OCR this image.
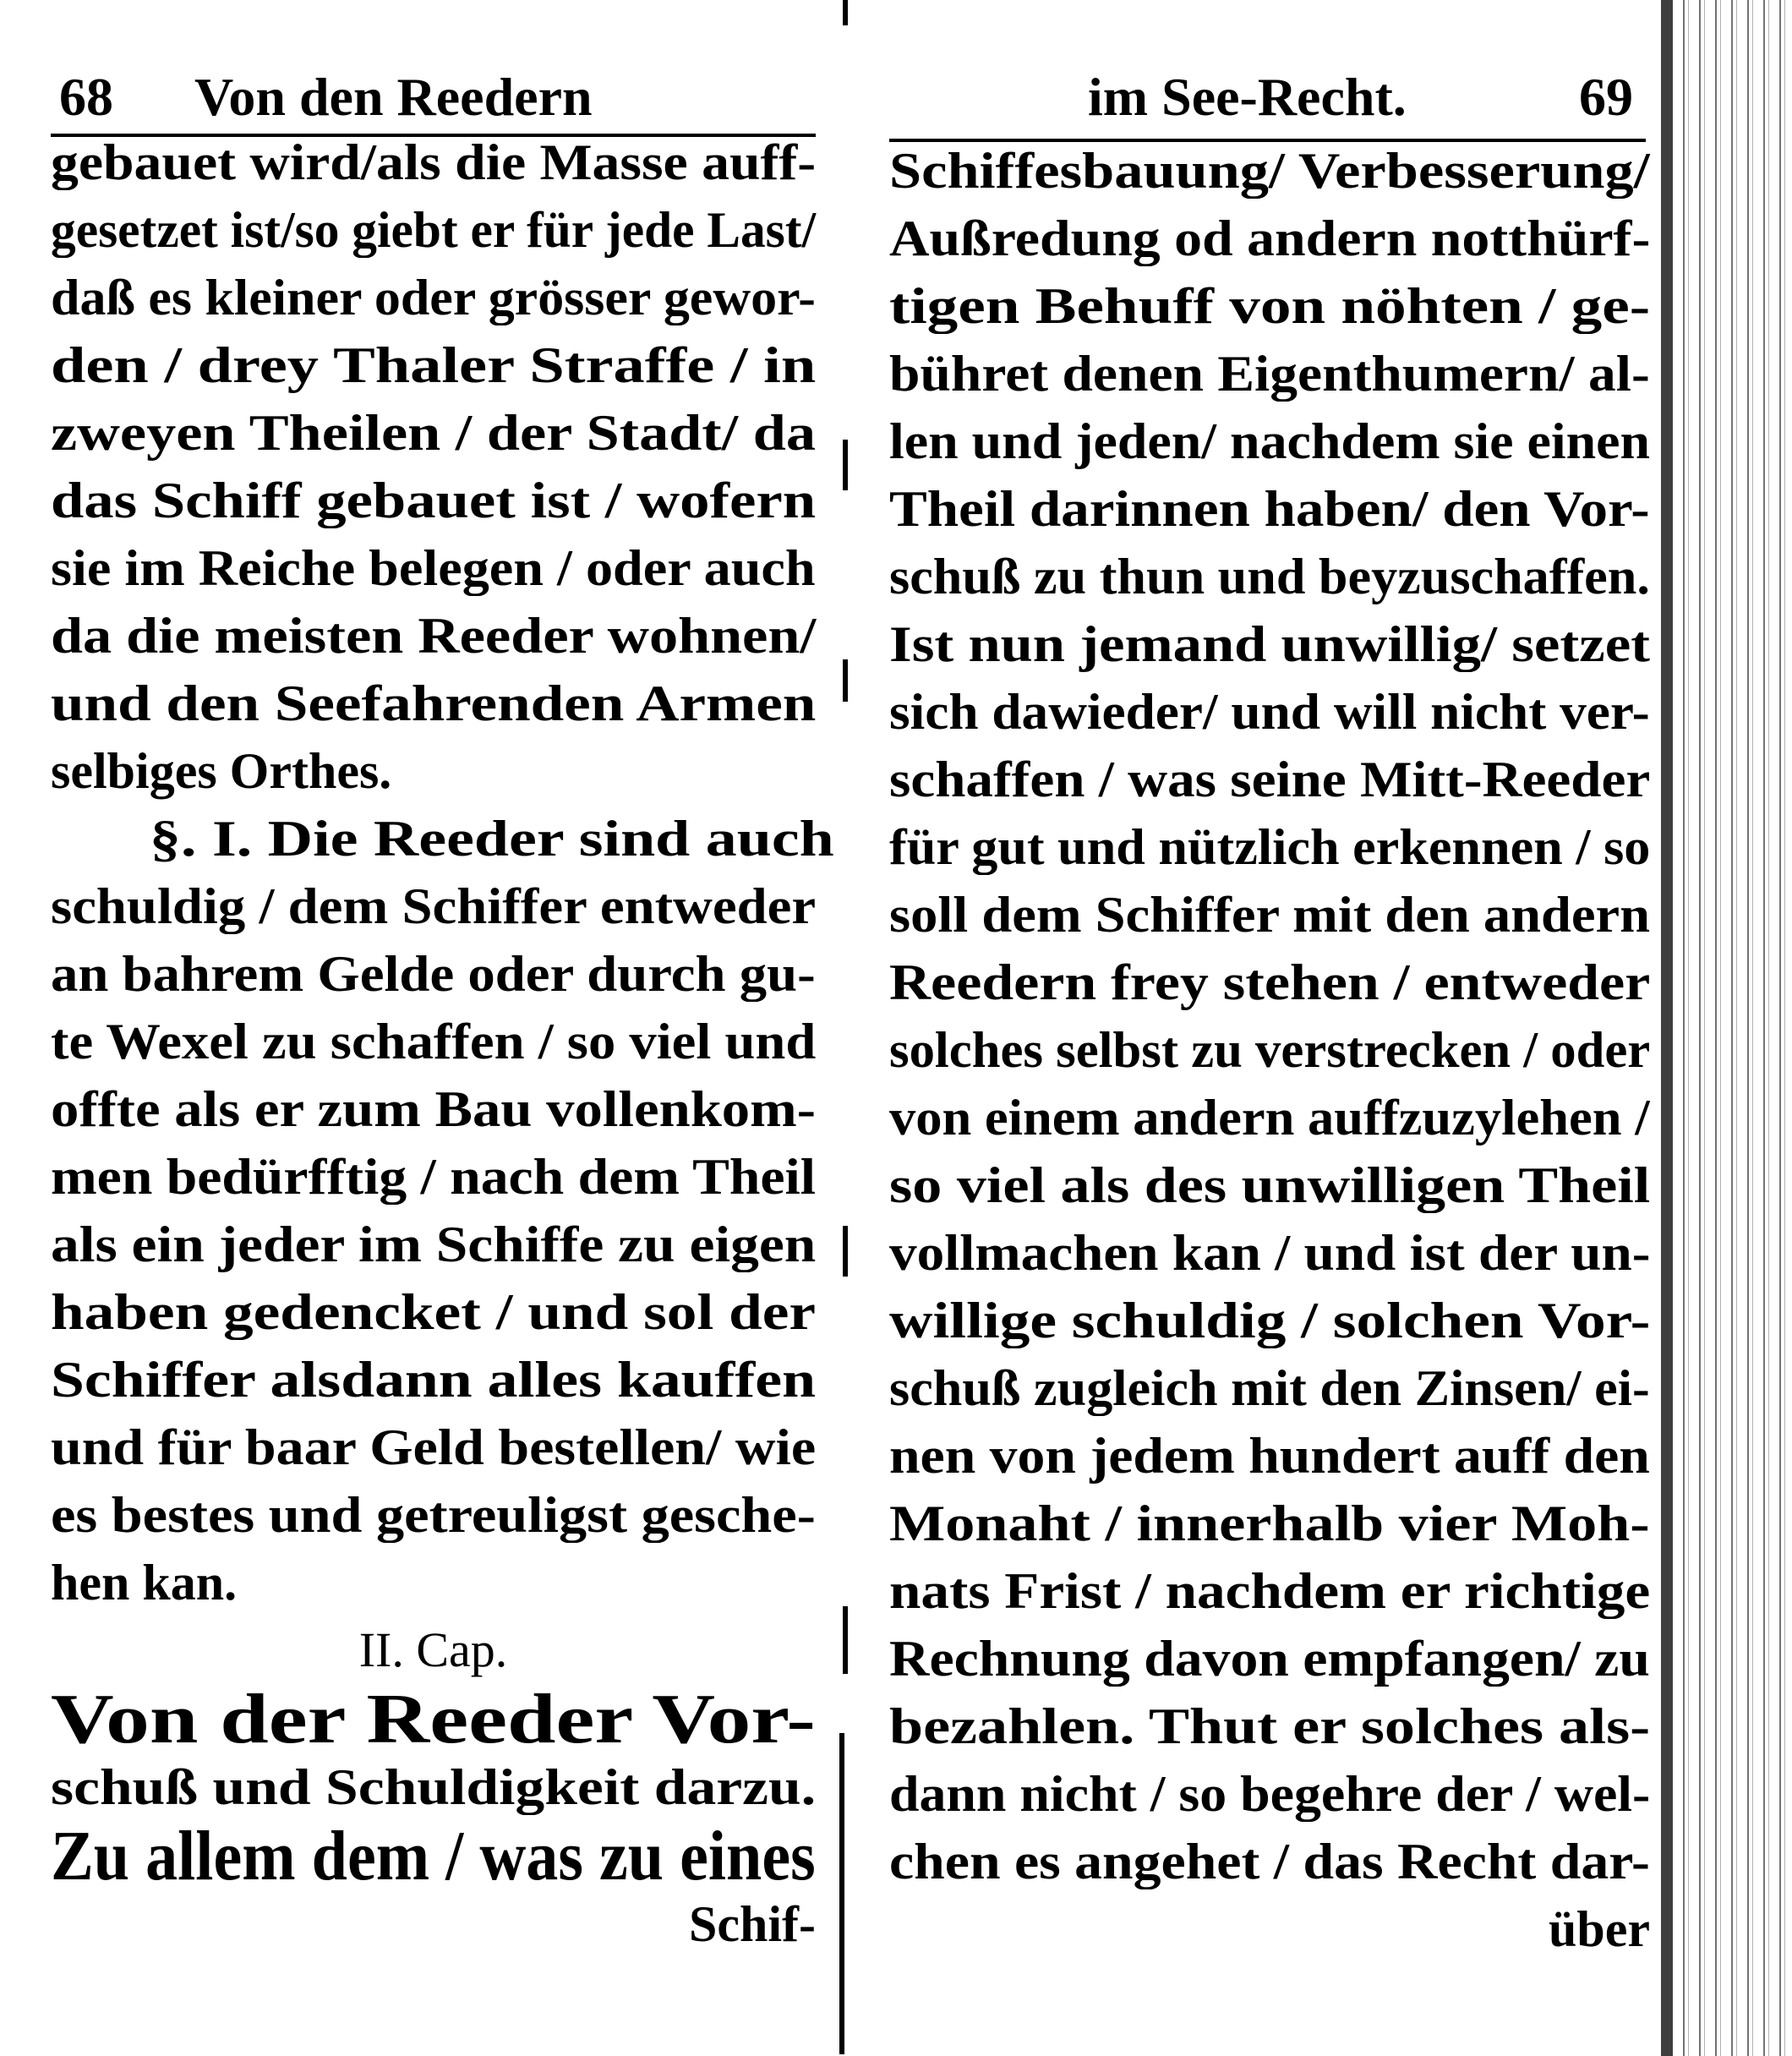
68 Von den Reedern
gebauet wird/als die Masse auff-
gesetzet ist/so giebt er für jede Last/
daß es kleiner oder grösser gewor-
den / drey Thaler Straffe / in
zweyen Theilen / der Stadt/ da
das Schiff gebauet ist / wofern
sie im Reiche belegen / oder auch
da die meisten Reeder wohnen/
und den Seefahrenden Armen
selbiges Orthes.
§. I. Die Reeder sind auch
schuldig / dem Schiffer entweder
an bahrem Gelde oder durch gu-
te Wexel zu schaffen / so viel und
offte als er zum Bau vollenkom-
men bedürfftig / nach dem Theil
als ein jeder im Schiffe zu eigen
haben gedencket / und sol der
Schiffer alsdann alles kauffen
und für baar Geld bestellen/ wie
es bestes und getreuligst gesche-
hen kan.
II. Cap.
Von der Reeder Vor-
schuß und Schuldigkeit darzu.
Zu allem dem / was zu eines
Schif-
im See-Recht.	69
Schiffesbauung/ Verbesserung/
Außredung od andern notthürf-
tigen Behuff von nöhten / ge-
bühret denen Eigenthumern/ al-
len und jeden/ nachdem sie einen
Theil darinnen haben/ den Vor-
schuß zu thun und beyzuschaffen.
Ist nun jemand unwillig/ setzet
sich dawieder/ und will nicht ver-
schaffen / was seine Mitt-Reeder
für gut und nützlich erkennen / so
soll dem Schiffer mit den andern
Reedern frey stehen / entweder
solches selbst zu verstrecken / oder
von einem andern auffzuzylehen /
so viel als des unwilligen Theil
vollmachen kan / und ist der un-
willige schuldig / solchen Vor-
schuß zugleich mit den Zinsen/ ei-
nen von jedem hundert auff den
Monaht / innerhalb vier Moh-
nats Frist / nachdem er richtige
Rechnung davon empfangen/ zu
bezahlen. Thut er solches als-
dann nicht / so begehre der / wel-
chen es angehet / das Recht dar-
über
